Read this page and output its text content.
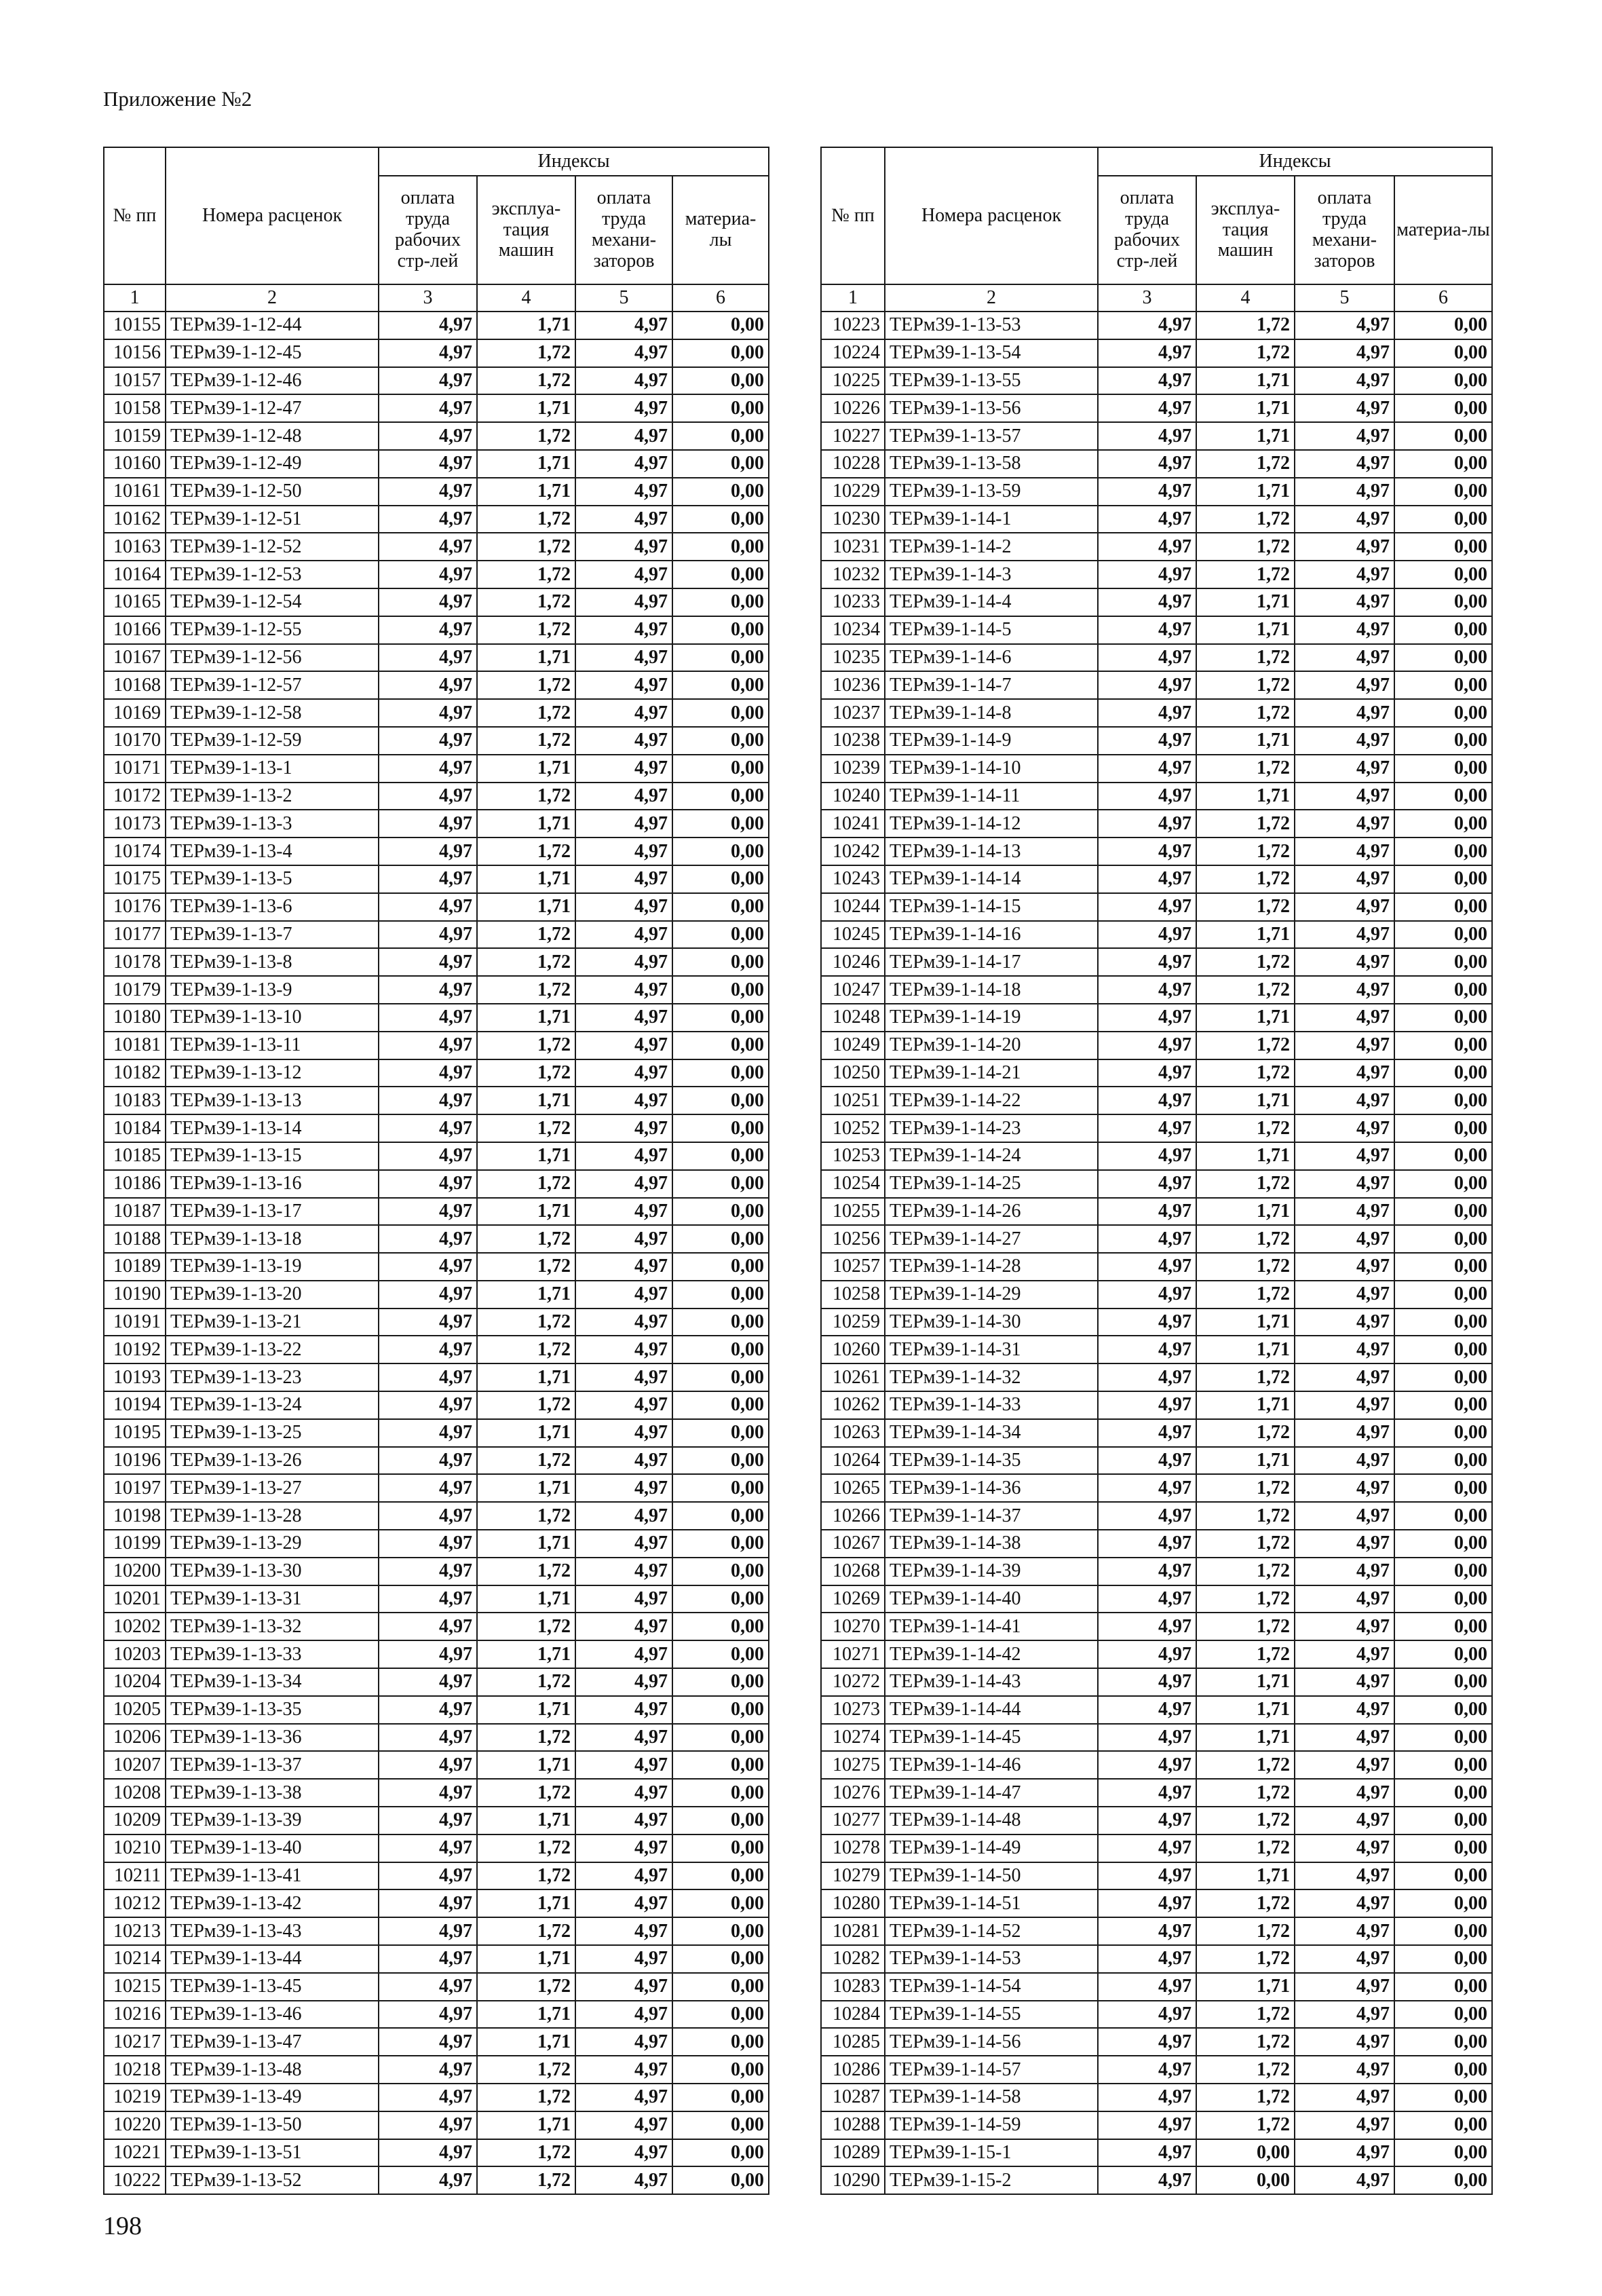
Приложение №2
№ пп	Номера расценок	Индексы			
		оплата труда рабочих стр-лей	эксплуа-тация машин	оплата труда механи-заторов	материа-лы
1	2	3	4	5	6
10155	ТЕРм39-1-12-44	4,97	1,71	4,97	0,00
10156	ТЕРм39-1-12-45	4,97	1,72	4,97	0,00
10157	ТЕРм39-1-12-46	4,97	1,72	4,97	0,00
10158	ТЕРм39-1-12-47	4,97	1,71	4,97	0,00
10159	ТЕРм39-1-12-48	4,97	1,72	4,97	0,00
10160	ТЕРм39-1-12-49	4,97	1,71	4,97	0,00
10161	ТЕРм39-1-12-50	4,97	1,71	4,97	0,00
10162	ТЕРм39-1-12-51	4,97	1,72	4,97	0,00
10163	ТЕРм39-1-12-52	4,97	1,72	4,97	0,00
10164	ТЕРм39-1-12-53	4,97	1,72	4,97	0,00
10165	ТЕРм39-1-12-54	4,97	1,72	4,97	0,00
10166	ТЕРм39-1-12-55	4,97	1,72	4,97	0,00
10167	ТЕРм39-1-12-56	4,97	1,71	4,97	0,00
10168	ТЕРм39-1-12-57	4,97	1,72	4,97	0,00
10169	ТЕРм39-1-12-58	4,97	1,72	4,97	0,00
10170	ТЕРм39-1-12-59	4,97	1,72	4,97	0,00
10171	ТЕРм39-1-13-1	4,97	1,71	4,97	0,00
10172	ТЕРм39-1-13-2	4,97	1,72	4,97	0,00
10173	ТЕРм39-1-13-3	4,97	1,71	4,97	0,00
10174	ТЕРм39-1-13-4	4,97	1,72	4,97	0,00
10175	ТЕРм39-1-13-5	4,97	1,71	4,97	0,00
10176	ТЕРм39-1-13-6	4,97	1,71	4,97	0,00
10177	ТЕРм39-1-13-7	4,97	1,72	4,97	0,00
10178	ТЕРм39-1-13-8	4,97	1,72	4,97	0,00
10179	ТЕРм39-1-13-9	4,97	1,72	4,97	0,00
10180	ТЕРм39-1-13-10	4,97	1,71	4,97	0,00
10181	ТЕРм39-1-13-11	4,97	1,72	4,97	0,00
10182	ТЕРм39-1-13-12	4,97	1,72	4,97	0,00
10183	ТЕРм39-1-13-13	4,97	1,71	4,97	0,00
10184	ТЕРм39-1-13-14	4,97	1,72	4,97	0,00
10185	ТЕРм39-1-13-15	4,97	1,71	4,97	0,00
10186	ТЕРм39-1-13-16	4,97	1,72	4,97	0,00
10187	ТЕРм39-1-13-17	4,97	1,71	4,97	0,00
10188	ТЕРм39-1-13-18	4,97	1,72	4,97	0,00
10189	ТЕРм39-1-13-19	4,97	1,72	4,97	0,00
10190	ТЕРм39-1-13-20	4,97	1,71	4,97	0,00
10191	ТЕРм39-1-13-21	4,97	1,72	4,97	0,00
10192	ТЕРм39-1-13-22	4,97	1,72	4,97	0,00
10193	ТЕРм39-1-13-23	4,97	1,71	4,97	0,00
10194	ТЕРм39-1-13-24	4,97	1,72	4,97	0,00
10195	ТЕРм39-1-13-25	4,97	1,71	4,97	0,00
10196	ТЕРм39-1-13-26	4,97	1,72	4,97	0,00
10197	ТЕРм39-1-13-27	4,97	1,71	4,97	0,00
10198	ТЕРм39-1-13-28	4,97	1,72	4,97	0,00
10199	ТЕРм39-1-13-29	4,97	1,71	4,97	0,00
10200	ТЕРм39-1-13-30	4,97	1,72	4,97	0,00
10201	ТЕРм39-1-13-31	4,97	1,71	4,97	0,00
10202	ТЕРм39-1-13-32	4,97	1,72	4,97	0,00
10203	ТЕРм39-1-13-33	4,97	1,71	4,97	0,00
10204	ТЕРм39-1-13-34	4,97	1,72	4,97	0,00
10205	ТЕРм39-1-13-35	4,97	1,71	4,97	0,00
10206	ТЕРм39-1-13-36	4,97	1,72	4,97	0,00
10207	ТЕРм39-1-13-37	4,97	1,71	4,97	0,00
10208	ТЕРм39-1-13-38	4,97	1,72	4,97	0,00
10209	ТЕРм39-1-13-39	4,97	1,71	4,97	0,00
10210	ТЕРм39-1-13-40	4,97	1,72	4,97	0,00
10211	ТЕРм39-1-13-41	4,97	1,72	4,97	0,00
10212	ТЕРм39-1-13-42	4,97	1,71	4,97	0,00
10213	ТЕРм39-1-13-43	4,97	1,72	4,97	0,00
10214	ТЕРм39-1-13-44	4,97	1,71	4,97	0,00
10215	ТЕРм39-1-13-45	4,97	1,72	4,97	0,00
10216	ТЕРм39-1-13-46	4,97	1,71	4,97	0,00
10217	ТЕРм39-1-13-47	4,97	1,71	4,97	0,00
10218	ТЕРм39-1-13-48	4,97	1,72	4,97	0,00
10219	ТЕРм39-1-13-49	4,97	1,72	4,97	0,00
10220	ТЕРм39-1-13-50	4,97	1,71	4,97	0,00
10221	ТЕРм39-1-13-51	4,97	1,72	4,97	0,00
10222	ТЕРм39-1-13-52	4,97	1,72	4,97	0,00
№ пп	Номера расценок	Индексы			
		оплата труда рабочих стр-лей	эксплуа-тация машин	оплата труда механи-заторов	материа-лы
1	2	3	4	5	6
10223	ТЕРм39-1-13-53	4,97	1,72	4,97	0,00
10224	ТЕРм39-1-13-54	4,97	1,72	4,97	0,00
10225	ТЕРм39-1-13-55	4,97	1,71	4,97	0,00
10226	ТЕРм39-1-13-56	4,97	1,71	4,97	0,00
10227	ТЕРм39-1-13-57	4,97	1,71	4,97	0,00
10228	ТЕРм39-1-13-58	4,97	1,72	4,97	0,00
10229	ТЕРм39-1-13-59	4,97	1,71	4,97	0,00
10230	ТЕРм39-1-14-1	4,97	1,72	4,97	0,00
10231	ТЕРм39-1-14-2	4,97	1,72	4,97	0,00
10232	ТЕРм39-1-14-3	4,97	1,72	4,97	0,00
10233	ТЕРм39-1-14-4	4,97	1,71	4,97	0,00
10234	ТЕРм39-1-14-5	4,97	1,71	4,97	0,00
10235	ТЕРм39-1-14-6	4,97	1,72	4,97	0,00
10236	ТЕРм39-1-14-7	4,97	1,72	4,97	0,00
10237	ТЕРм39-1-14-8	4,97	1,72	4,97	0,00
10238	ТЕРм39-1-14-9	4,97	1,71	4,97	0,00
10239	ТЕРм39-1-14-10	4,97	1,72	4,97	0,00
10240	ТЕРм39-1-14-11	4,97	1,71	4,97	0,00
10241	ТЕРм39-1-14-12	4,97	1,72	4,97	0,00
10242	ТЕРм39-1-14-13	4,97	1,72	4,97	0,00
10243	ТЕРм39-1-14-14	4,97	1,72	4,97	0,00
10244	ТЕРм39-1-14-15	4,97	1,72	4,97	0,00
10245	ТЕРм39-1-14-16	4,97	1,71	4,97	0,00
10246	ТЕРм39-1-14-17	4,97	1,72	4,97	0,00
10247	ТЕРм39-1-14-18	4,97	1,72	4,97	0,00
10248	ТЕРм39-1-14-19	4,97	1,71	4,97	0,00
10249	ТЕРм39-1-14-20	4,97	1,72	4,97	0,00
10250	ТЕРм39-1-14-21	4,97	1,72	4,97	0,00
10251	ТЕРм39-1-14-22	4,97	1,71	4,97	0,00
10252	ТЕРм39-1-14-23	4,97	1,72	4,97	0,00
10253	ТЕРм39-1-14-24	4,97	1,71	4,97	0,00
10254	ТЕРм39-1-14-25	4,97	1,72	4,97	0,00
10255	ТЕРм39-1-14-26	4,97	1,71	4,97	0,00
10256	ТЕРм39-1-14-27	4,97	1,72	4,97	0,00
10257	ТЕРм39-1-14-28	4,97	1,72	4,97	0,00
10258	ТЕРм39-1-14-29	4,97	1,72	4,97	0,00
10259	ТЕРм39-1-14-30	4,97	1,71	4,97	0,00
10260	ТЕРм39-1-14-31	4,97	1,71	4,97	0,00
10261	ТЕРм39-1-14-32	4,97	1,72	4,97	0,00
10262	ТЕРм39-1-14-33	4,97	1,71	4,97	0,00
10263	ТЕРм39-1-14-34	4,97	1,72	4,97	0,00
10264	ТЕРм39-1-14-35	4,97	1,71	4,97	0,00
10265	ТЕРм39-1-14-36	4,97	1,72	4,97	0,00
10266	ТЕРм39-1-14-37	4,97	1,72	4,97	0,00
10267	ТЕРм39-1-14-38	4,97	1,72	4,97	0,00
10268	ТЕРм39-1-14-39	4,97	1,72	4,97	0,00
10269	ТЕРм39-1-14-40	4,97	1,72	4,97	0,00
10270	ТЕРм39-1-14-41	4,97	1,72	4,97	0,00
10271	ТЕРм39-1-14-42	4,97	1,72	4,97	0,00
10272	ТЕРм39-1-14-43	4,97	1,71	4,97	0,00
10273	ТЕРм39-1-14-44	4,97	1,71	4,97	0,00
10274	ТЕРм39-1-14-45	4,97	1,71	4,97	0,00
10275	ТЕРм39-1-14-46	4,97	1,72	4,97	0,00
10276	ТЕРм39-1-14-47	4,97	1,72	4,97	0,00
10277	ТЕРм39-1-14-48	4,97	1,72	4,97	0,00
10278	ТЕРм39-1-14-49	4,97	1,72	4,97	0,00
10279	ТЕРм39-1-14-50	4,97	1,71	4,97	0,00
10280	ТЕРм39-1-14-51	4,97	1,72	4,97	0,00
10281	ТЕРм39-1-14-52	4,97	1,72	4,97	0,00
10282	ТЕРм39-1-14-53	4,97	1,72	4,97	0,00
10283	ТЕРм39-1-14-54	4,97	1,71	4,97	0,00
10284	ТЕРм39-1-14-55	4,97	1,72	4,97	0,00
10285	ТЕРм39-1-14-56	4,97	1,72	4,97	0,00
10286	ТЕРм39-1-14-57	4,97	1,72	4,97	0,00
10287	ТЕРм39-1-14-58	4,97	1,72	4,97	0,00
10288	ТЕРм39-1-14-59	4,97	1,72	4,97	0,00
10289	ТЕРм39-1-15-1	4,97	0,00	4,97	0,00
10290	ТЕРм39-1-15-2	4,97	0,00	4,97	0,00
198
